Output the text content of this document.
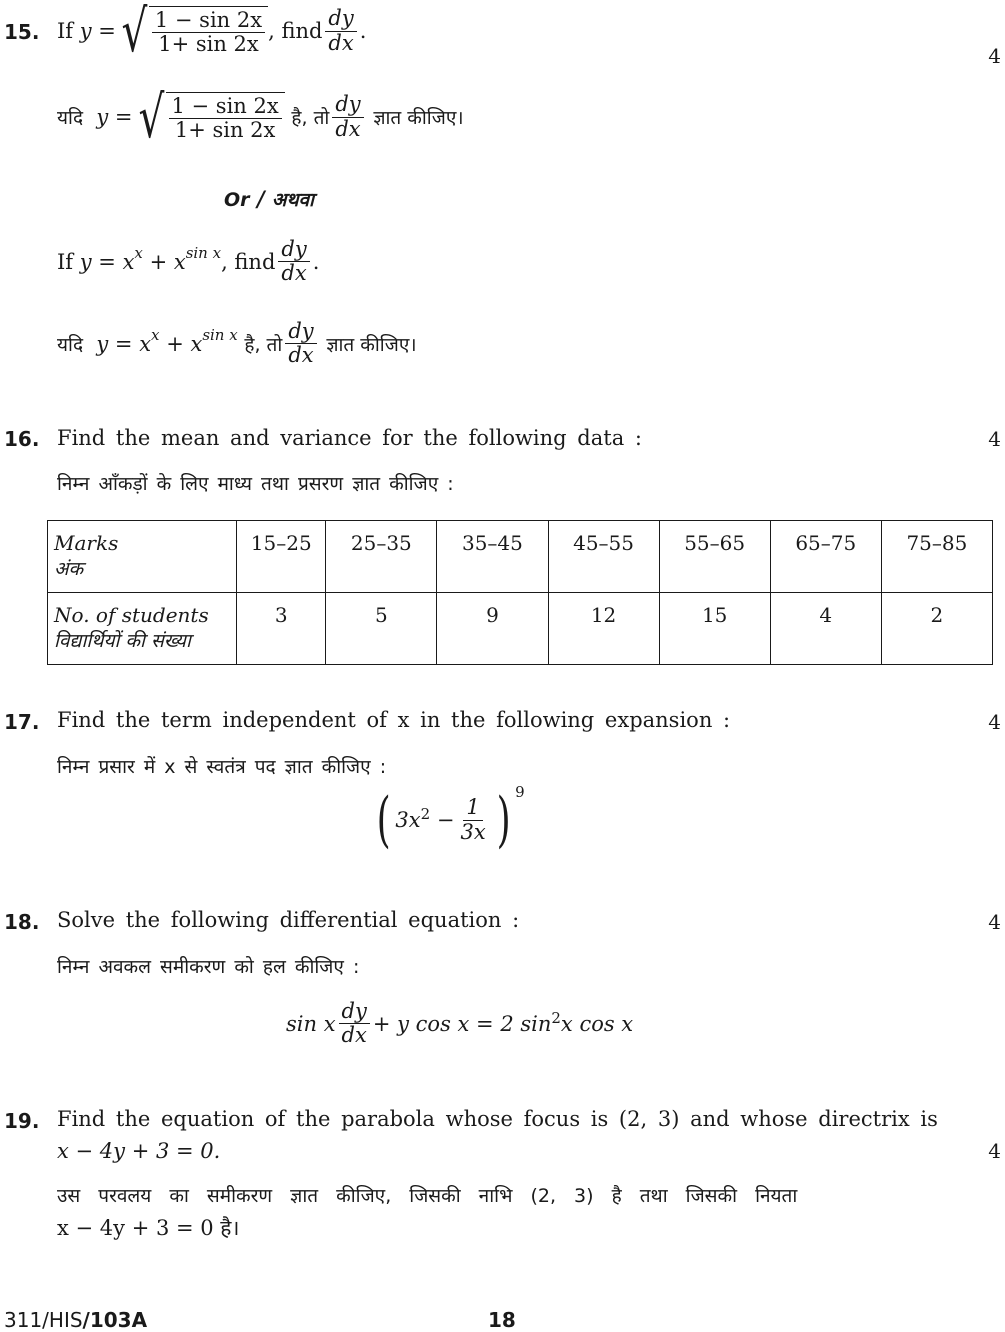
15. If
y = √ $\frac{1 - \sin 2x}{1+ \sin 2x}$ , find $\frac{dy}{dx}$ .
4
यदि
y = √ $\frac{1 - \sin 2x}{1+ \sin 2x}$
है, तो $\frac{dy}{dx}$
ज्ञात कीजिए।
Or / अथवा
If
$y = x^x + x^{sin x}$ , find $\frac{dy}{dx}$ .
यदि
$y = x^x + x^{sin x}$
है, तो $\frac{dy}{dx}$
ज्ञात कीजिए।
16. Find the mean and variance for the following data :	4
निम्न आँकड़ों के लिए माध्य तथा प्रसरण ज्ञात कीजिए :
Marks
अंक	15–25	25–35	35–45	45–55	55–65	65–75	75–85
No. of students
विद्यार्थियों की संख्या	3	5	9	12	15	4	2
17. Find the term independent of x in the following expansion :	4
निम्न प्रसार में x से स्वतंत्र पद ज्ञात कीजिए :
( $3x^2$
− $\frac{1}{3x}$ ) $^9$
18. Solve the following differential equation :	4
निम्न अवकल समीकरण को हल कीजिए :
sin x $\frac{dy}{dx} + y$ cos x = 2 $\sin^2 x$ cos x
19. Find the equation of the parabola whose focus is (2, 3) and whose directrix is
x − 4y + 3 = 0.	4
उस परवलय का समीकरण ज्ञात कीजिए, जिसकी नाभि (2, 3) है तथा जिसकी नियता
x − 4y + 3 = 0 है।
311/HIS/103A	18
